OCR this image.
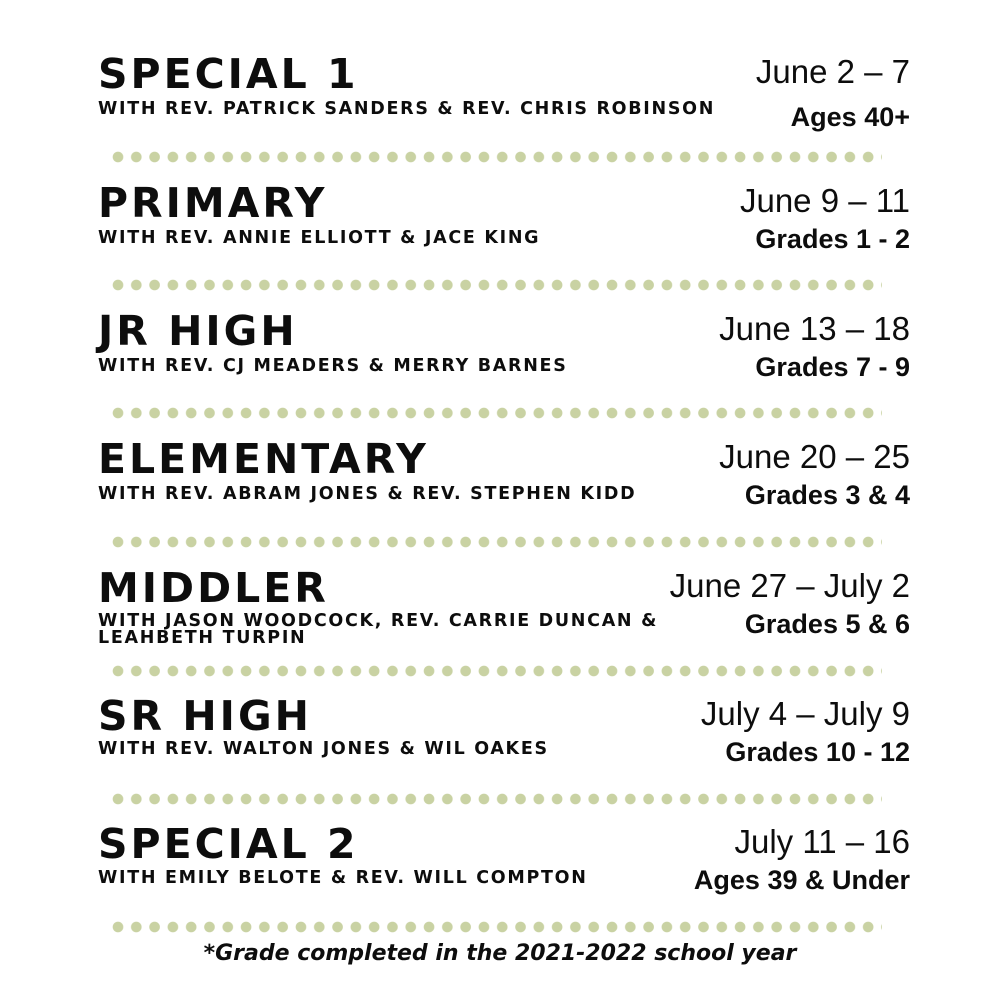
SPECIAL 1
WITH REV. PATRICK SANDERS & REV. CHRIS ROBINSON
June 2 – 7
Ages 40+
PRIMARY
WITH REV. ANNIE ELLIOTT & JACE KING
June 9 – 11
Grades 1 - 2
JR HIGH
WITH REV. CJ MEADERS & MERRY BARNES
June 13 – 18
Grades 7 - 9
ELEMENTARY
WITH REV. ABRAM JONES & REV. STEPHEN KIDD
June 20 – 25
Grades 3 & 4
MIDDLER
WITH JASON WOODCOCK, REV. CARRIE DUNCAN & LEAHBETH TURPIN
June 27 – July 2
Grades 5 & 6
SR HIGH
WITH REV. WALTON JONES & WIL OAKES
July 4 – July 9
Grades 10 - 12
SPECIAL 2
WITH EMILY BELOTE & REV. WILL COMPTON
July 11 – 16
Ages 39 & Under
*Grade completed in the 2021-2022 school year
